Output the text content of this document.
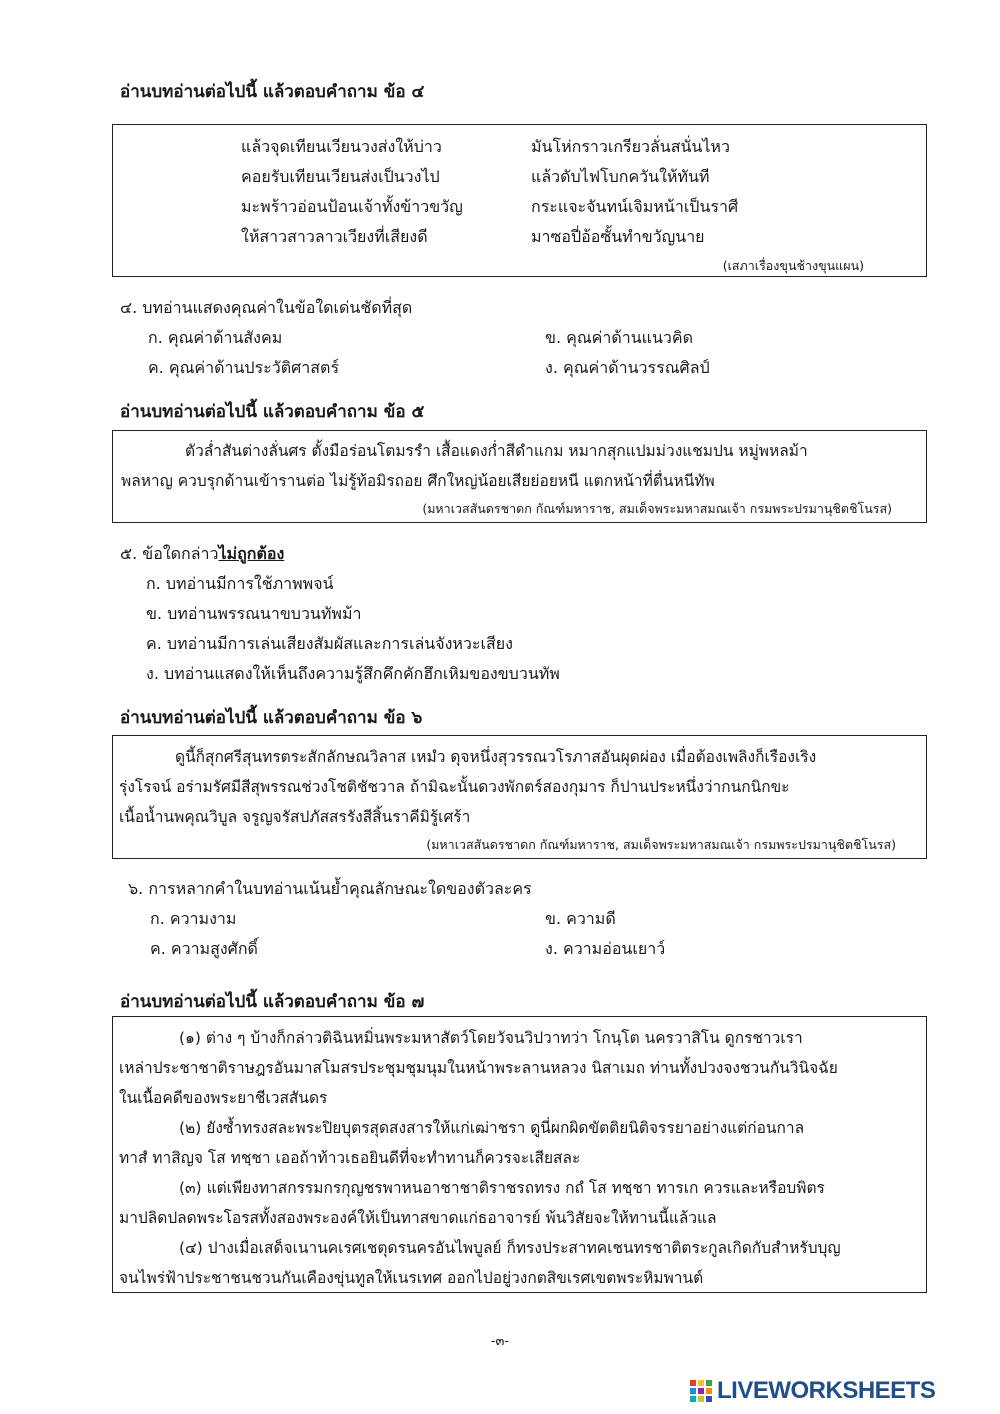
อ่านบทอ่านต่อไปนี้ แล้วตอบคำถาม ข้อ ๔
แล้วจุดเทียนเวียนวงส่งให้บ่าว	มันโห่กราวเกรียวลั่นสนั่นไหว
คอยรับเทียนเวียนส่งเป็นวงไป	แล้วดับไฟโบกควันให้ทันที
มะพร้าวอ่อนป้อนเจ้าทั้งข้าวขวัญ	กระแจะจันทน์เจิมหน้าเป็นราศี
ให้สาวสาวลาวเวียงที่เสียงดี	มาซอปี่อ้อซั้นทำขวัญนาย
(เสภาเรื่องขุนช้างขุนแผน)
๔. บทอ่านแสดงคุณค่าในข้อใดเด่นชัดที่สุด
ก. คุณค่าด้านสังคม	ข. คุณค่าด้านแนวคิด
ค. คุณค่าด้านประวัติศาสตร์	ง. คุณค่าด้านวรรณศิลป์
อ่านบทอ่านต่อไปนี้ แล้วตอบคำถาม ข้อ ๕
ตัวล่ำสันต่างลั่นศร ตั้งมือร่อนโตมรรำ เสื้อแดงก่ำสีดำแกม หมากสุกแปมม่วงแชมปน หมู่พหลม้า
พลหาญ ควบรุกด้านเข้ารานต่อ ไม่รู้ท้อมิรถอย ศึกใหญ่น้อยเสียย่อยหนี แตกหน้าที่ตื่นหนีทัพ
(มหาเวสสันดรชาดก กัณฑ์มหาราช, สมเด็จพระมหาสมณเจ้า กรมพระปรมานุชิตชิโนรส)
๕. ข้อใดกล่าวไม่ถูกต้อง
ก. บทอ่านมีการใช้ภาพพจน์
ข. บทอ่านพรรณนาขบวนทัพม้า
ค. บทอ่านมีการเล่นเสียงสัมผัสและการเล่นจังหวะเสียง
ง. บทอ่านแสดงให้เห็นถึงความรู้สึกคึกคักฮึกเหิมของขบวนทัพ
อ่านบทอ่านต่อไปนี้ แล้วตอบคำถาม ข้อ ๖
ดูนี้ก็สุกศรีสุนทรตระสักลักษณวิลาส เหมํว ดุจหนึ่งสุวรรณวโรภาสอันผุดผ่อง เมื่อต้องเพลิงก็เรืองเริง
รุ่งโรจน์ อร่ามรัศมีสีสุพรรณช่วงโชติชัชวาล ถ้ามิฉะนั้นดวงพักตร์สองกุมาร ก็ปานประหนึ่งว่ากนกนิกขะ
เนื้อน้ำนพคุณวิบูล จรูญจรัสปภัสสรรังสีสิ้นราคีมิรู้เศร้า
(มหาเวสสันดรชาดก กัณฑ์มหาราช, สมเด็จพระมหาสมณเจ้า กรมพระปรมานุชิตชิโนรส)
๖. การหลากคำในบทอ่านเน้นย้ำคุณลักษณะใดของตัวละคร
ก. ความงาม	ข. ความดี
ค. ความสูงศักดิ์	ง. ความอ่อนเยาว์
อ่านบทอ่านต่อไปนี้ แล้วตอบคำถาม ข้อ ๗
(๑) ต่าง ๆ บ้างก็กล่าวติฉินหมิ่นพระมหาสัตว์โดยวัจนวิปวาทว่า โกนฺโต นครวาสิโน ดูกรชาวเรา
เหล่าประชาชาติราษฎรอันมาสโมสรประชุมชุมนุมในหน้าพระลานหลวง นิสาเมถ ท่านทั้งปวงจงชวนกันวินิจฉัย
ในเนื้อคดีของพระยาชีเวสสันดร
(๒) ยังซ้ำทรงสละพระปิยบุตรสุดสงสารให้แก่เฒ่าชรา ดูนี่ผกผิดขัตติยนิติจรรยาอย่างแต่ก่อนกาล
ทาสํ ทาสิญจ โส ทชฺชา เออถ้าท้าวเธอยินดีที่จะทำทานก็ควรจะเสียสละ
(๓) แต่เพียงทาสกรรมกรกุญชรพาหนอาชาชาติราชรถทรง กถํ โส ทชฺชา ทารเก ควรและหรือบพิตร
มาปลิดปลดพระโอรสทั้งสองพระองค์ให้เป็นทาสขาดแก่ธอาจารย์ พ้นวิสัยจะให้ทานนี้แล้วแล
(๔) ปางเมื่อเสด็จเนานคเรศเชตุดรนครอันไพบูลย์ ก็ทรงประสาทคเชนทรชาติตระกูลเกิดกับสำหรับบุญ
จนไพร่ฟ้าประชาชนชวนกันเคืองขุ่นทูลให้เนรเทศ ออกไปอยู่วงกตสิขเรศเขตพระหิมพานต์
-๓-
LIVEWORKSHEETS
